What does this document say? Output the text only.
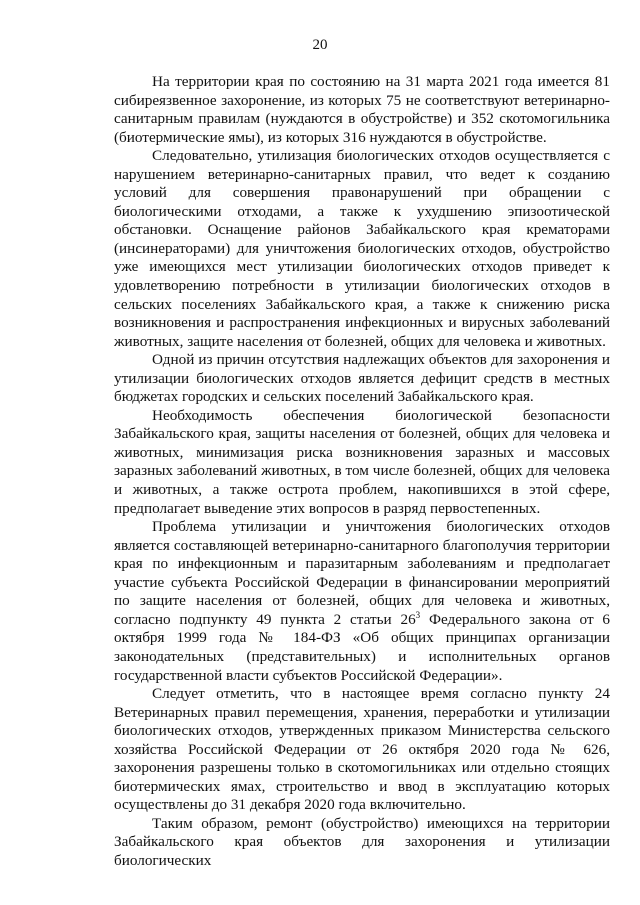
20

На территории края по состоянию на 31 марта 2021 года имеется 81 сибиреязвенное захоронение, из которых 75 не соответствуют ветеринарно-санитарным правилам (нуждаются в обустройстве) и 352 скотомогильника (биотермические ямы), из которых 316 нуждаются в обустройстве.

Следовательно, утилизация биологических отходов осуществляется с нарушением ветеринарно-санитарных правил, что ведет к созданию условий для совершения правонарушений при обращении с биологическими отходами, а также к ухудшению эпизоотической обстановки. Оснащение районов Забайкальского края крематорами (инсинераторами) для уничтожения биологических отходов, обустройство уже имеющихся мест утилизации биологических отходов приведет к удовлетворению потребности в утилизации биологических отходов в сельских поселениях Забайкальского края, а также к снижению риска возникновения и распространения инфекционных и вирусных заболеваний животных, защите населения от болезней, общих для человека и животных.

Одной из причин отсутствия надлежащих объектов для захоронения и утилизации биологических отходов является дефицит средств в местных бюджетах городских и сельских поселений Забайкальского края.

Необходимость обеспечения биологической безопасности Забайкальского края, защиты населения от болезней, общих для человека и животных, минимизация риска возникновения заразных и массовых заразных заболеваний животных, в том числе болезней, общих для человека и животных, а также острота проблем, накопившихся в этой сфере, предполагает выведение этих вопросов в разряд первостепенных.

Проблема утилизации и уничтожения биологических отходов является составляющей ветеринарно-санитарного благополучия территории края по инфекционным и паразитарным заболеваниям и предполагает участие субъекта Российской Федерации в финансировании мероприятий по защите населения от болезней, общих для человека и животных, согласно подпункту 49 пункта 2 статьи $26^3$ Федерального закона от 6 октября 1999 года № 184-ФЗ «Об общих принципах организации законодательных (представительных) и исполнительных органов государственной власти субъектов Российской Федерации».

Следует отметить, что в настоящее время согласно пункту 24 Ветеринарных правил перемещения, хранения, переработки и утилизации биологических отходов, утвержденных приказом Министерства сельского хозяйства Российской Федерации от 26 октября 2020 года № 626, захоронения разрешены только в скотомогильниках или отдельно стоящих биотермических ямах, строительство и ввод в эксплуатацию которых осуществлены до 31 декабря 2020 года включительно.

Таким образом, ремонт (обустройство) имеющихся на территории Забайкальского края объектов для захоронения и утилизации биологических
